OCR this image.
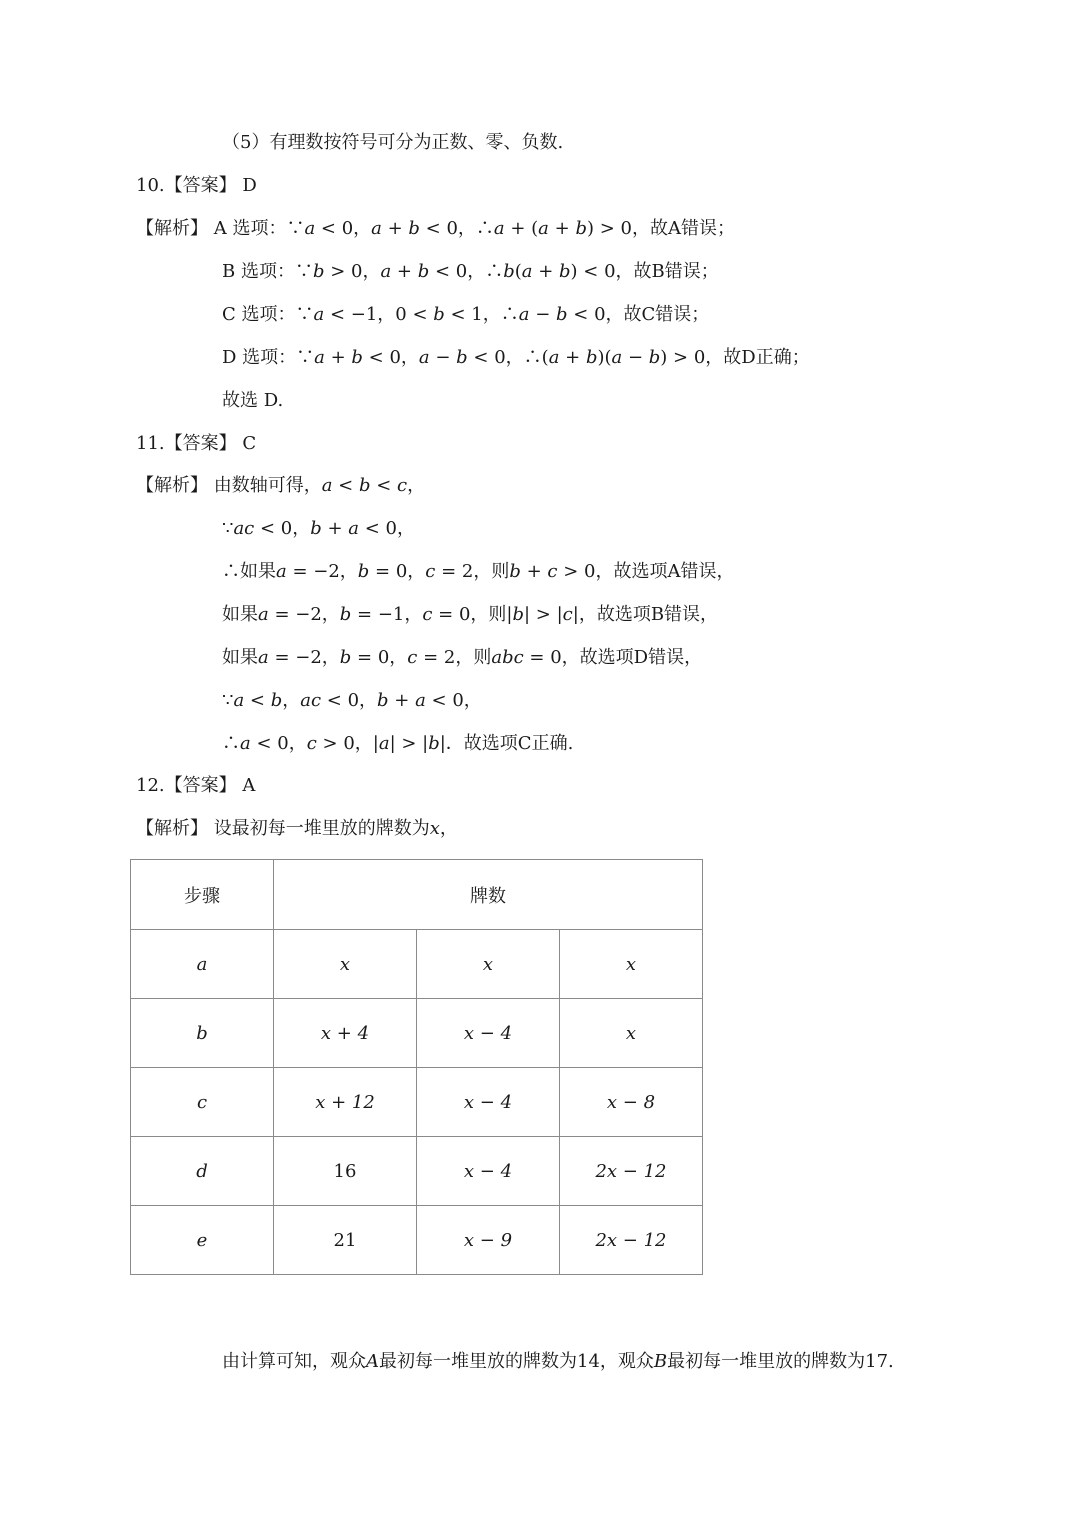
（5）有理数按符号可分为正数、零、负数.
10.【答案】 D
【解析】 A 选项：∵𝑎 < 0，𝑎 + 𝑏 < 0，∴𝑎 + (𝑎 + 𝑏) > 0，故A错误；
B 选项：∵𝑏 > 0，𝑎 + 𝑏 < 0，∴𝑏(𝑎 + 𝑏) < 0，故B错误；
C 选项：∵𝑎 < −1，0 < 𝑏 < 1，∴𝑎 − 𝑏 < 0，故C错误；
D 选项：∵𝑎 + 𝑏 < 0，𝑎 − 𝑏 < 0，∴(𝑎 + 𝑏)(𝑎 − 𝑏) > 0，故D正确；
故选 D.
11.【答案】 C
【解析】 由数轴可得，𝑎 < 𝑏 < 𝑐，
∵𝑎𝑐 < 0，𝑏 + 𝑎 < 0，
∴如果𝑎 = −2，𝑏 = 0，𝑐 = 2，则𝑏 + 𝑐 > 0，故选项A错误，
如果𝑎 = −2，𝑏 = −1，𝑐 = 0，则|𝑏| > |𝑐|，故选项B错误，
如果𝑎 = −2，𝑏 = 0，𝑐 = 2，则𝑎𝑏𝑐 = 0，故选项D错误，
∵𝑎 < 𝑏，𝑎𝑐 < 0，𝑏 + 𝑎 < 0，
∴𝑎 < 0，𝑐 > 0，|𝑎| > |𝑏|．故选项C正确.
12.【答案】 A
【解析】 设最初每一堆里放的牌数为𝑥，
步骤	牌数		
a	x	x	x
b	x + 4	x − 4	x
c	x + 12	x − 4	x − 8
d	16	x − 4	2x − 12
e	21	x − 9	2x − 12
由计算可知，观众𝐴最初每一堆里放的牌数为14，观众𝐵最初每一堆里放的牌数为17.
